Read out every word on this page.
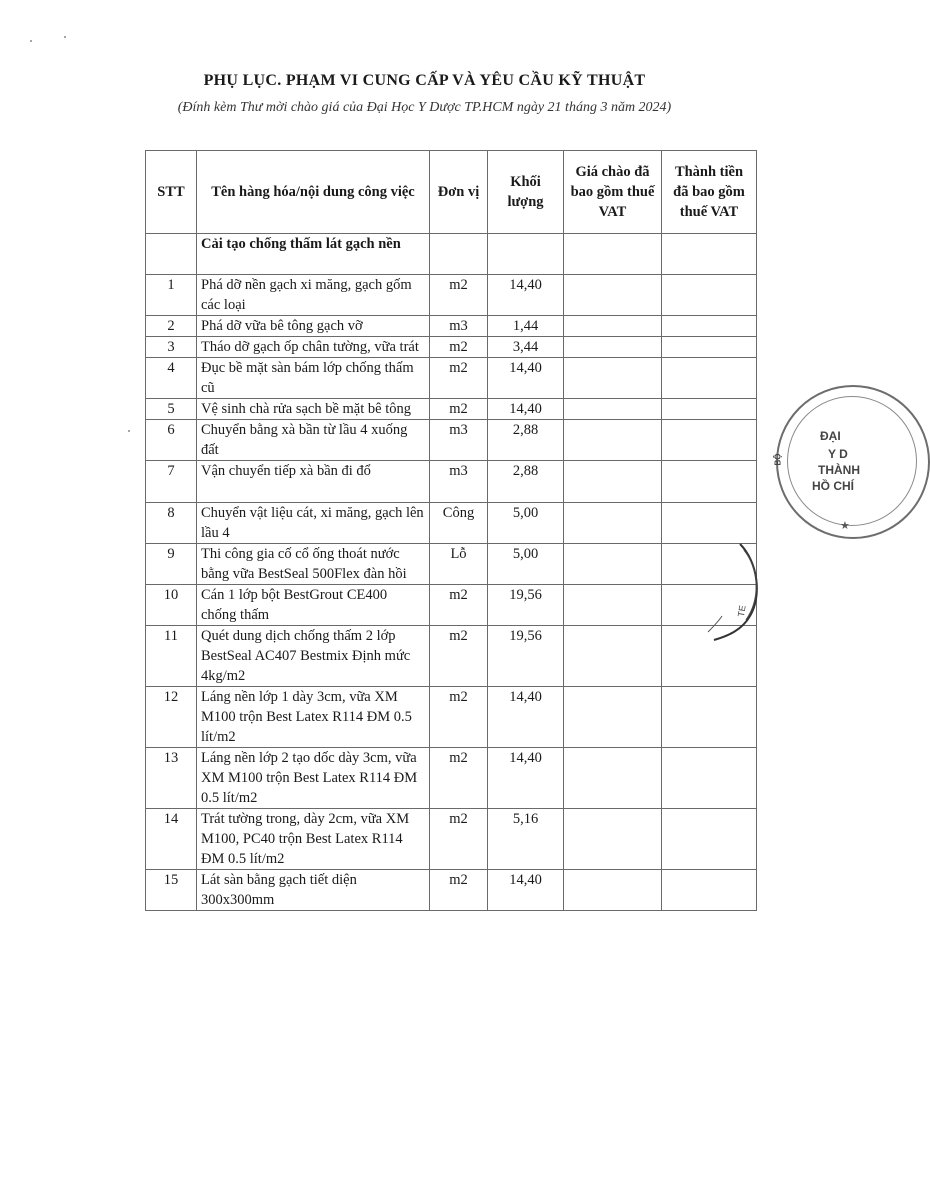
PHỤ LỤC. PHẠM VI CUNG CẤP VÀ YÊU CẦU KỸ THUẬT
(Đính kèm Thư mời chào giá của Đại Học Y Dược TP.HCM ngày 21 tháng 3 năm 2024)
STT	Tên hàng hóa/nội dung công việc	Đơn vị	Khối lượng	Giá chào đã bao gồm thuế VAT	Thành tiền đã bao gồm thuế VAT
	Cải tạo chống thấm lát gạch nền				
1	Phá dỡ nền gạch xi măng, gạch gốm các loại	m2	14,40		
2	Phá dỡ vữa bê tông gạch vỡ	m3	1,44		
3	Tháo dỡ gạch ốp chân tường, vữa trát	m2	3,44		
4	Đục bề mặt sàn bám lớp chống thấm cũ	m2	14,40		
5	Vệ sinh chà rửa sạch bề mặt bê tông	m2	14,40		
6	Chuyển bằng xà bần từ lầu 4 xuống đất	m3	2,88		
7	Vận chuyển tiếp xà bần đi đổ	m3	2,88		
8	Chuyển vật liệu cát, xi măng, gạch lên lầu 4	Công	5,00		
9	Thi công gia cố cổ ống thoát nước bằng vữa BestSeal 500Flex đàn hồi	Lỗ	5,00		
10	Cán 1 lớp bột BestGrout CE400 chống thấm	m2	19,56		
11	Quét dung dịch chống thấm 2 lớp BestSeal AC407 Bestmix Định mức 4kg/m2	m2	19,56		
12	Láng nền lớp 1 dày 3cm, vữa XM M100 trộn Best Latex R114 ĐM 0.5 lít/m2	m2	14,40		
13	Láng nền lớp 2 tạo dốc dày 3cm, vữa XM M100 trộn Best Latex R114 ĐM 0.5 lít/m2	m2	14,40		
14	Trát tường trong, dày 2cm, vữa XM M100, PC40 trộn Best Latex R114 ĐM 0.5 lít/m2	m2	5,16		
15	Lát sàn bằng gạch tiết diện 300x300mm	m2	14,40		
ĐẠI
Y D
THÀNH
HỒ CHÍ
BỘ
★
TE
